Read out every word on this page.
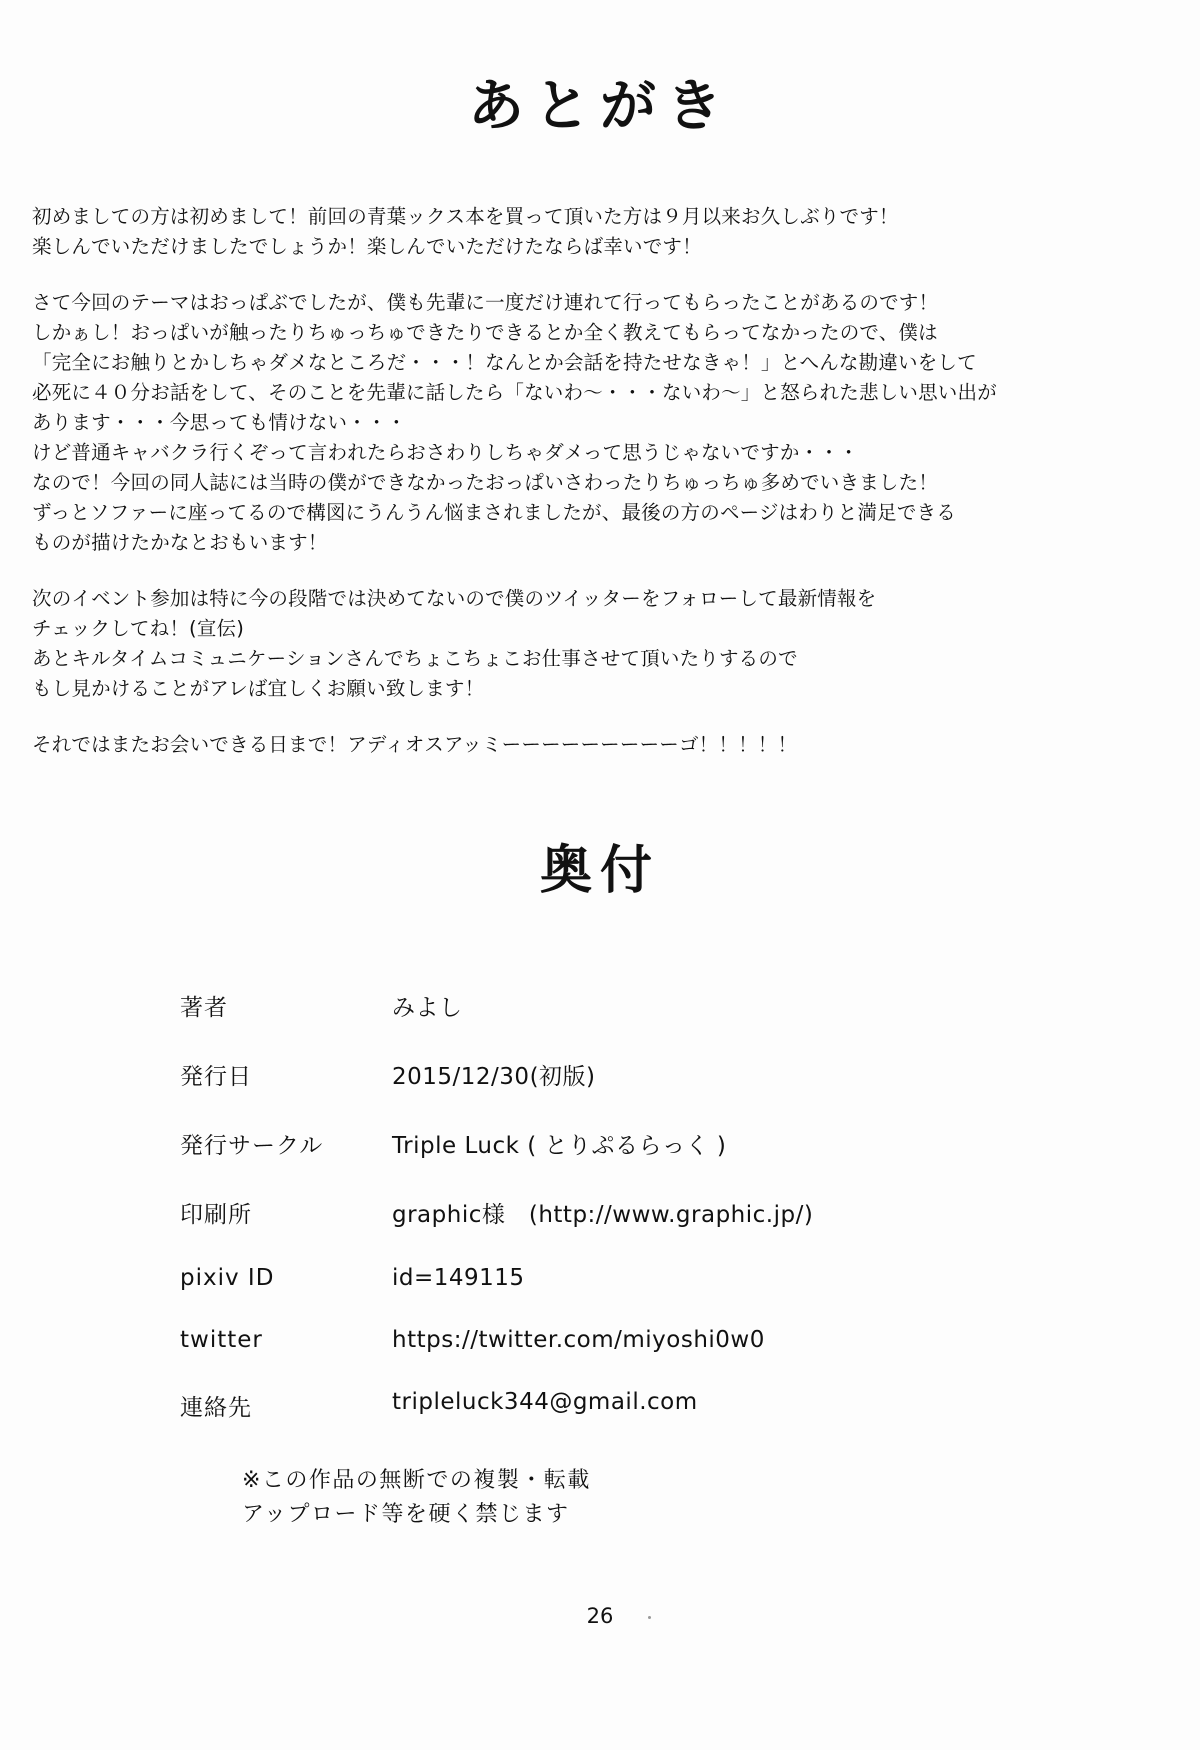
あとがき
初めましての方は初めまして！前回の青葉ックス本を買って頂いた方は９月以来お久しぶりです！
楽しんでいただけましたでしょうか！楽しんでいただけたならば幸いです！
さて今回のテーマはおっぱぶでしたが、僕も先輩に一度だけ連れて行ってもらったことがあるのです！
しかぁし！おっぱいが触ったりちゅっちゅできたりできるとか全く教えてもらってなかったので、僕は
「完全にお触りとかしちゃダメなところだ・・・！なんとか会話を持たせなきゃ！」とへんな勘違いをして
必死に４０分お話をして、そのことを先輩に話したら「ないわ〜・・・ないわ〜」と怒られた悲しい思い出が
あります・・・今思っても情けない・・・
けど普通キャバクラ行くぞって言われたらおさわりしちゃダメって思うじゃないですか・・・
なので！今回の同人誌には当時の僕ができなかったおっぱいさわったりちゅっちゅ多めでいきました！
ずっとソファーに座ってるので構図にうんうん悩まされましたが、最後の方のページはわりと満足できる
ものが描けたかなとおもいます！
次のイベント参加は特に今の段階では決めてないので僕のツイッターをフォローして最新情報を
チェックしてね！(宣伝)
あとキルタイムコミュニケーションさんでちょこちょこお仕事させて頂いたりするので
もし見かけることがアレば宜しくお願い致します！
それではまたお会いできる日まで！アディオスアッミーーーーーーーーーゴ！！！！！
奥付
著者	みよし
発行日	2015/12/30(初版)
発行サークル	Triple Luck ( とりぷるらっく )
印刷所	graphic様　(http://www.graphic.jp/)
pixiv ID	id=149115
twitter	https://twitter.com/miyoshi0w0
連絡先	tripleluck344@gmail.com
※この作品の無断での複製・転載
アップロード等を硬く禁じます
26
